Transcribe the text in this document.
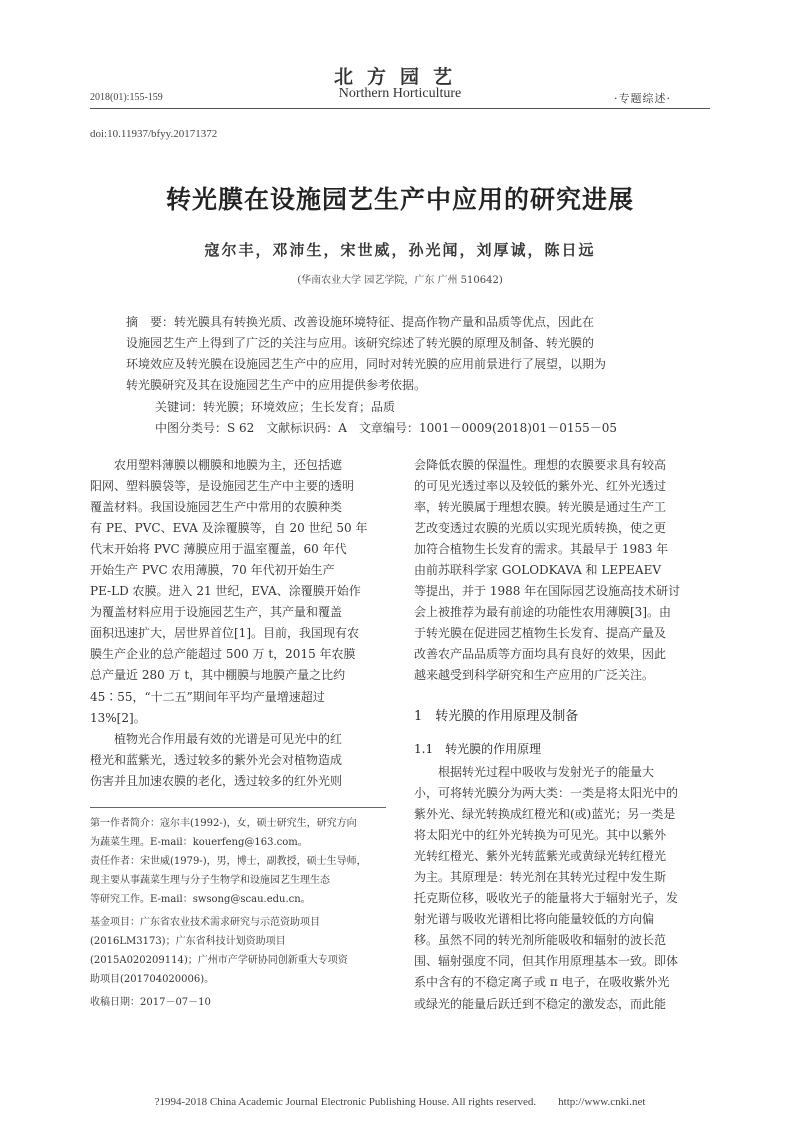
北方园艺
Northern Horticulture
2018(01):155-159	·专题综述·
doi:10.11937/bfyy.20171372
转光膜在设施园艺生产中应用的研究进展
寇尔丰，邓沛生，宋世威，孙光闻，刘厚诚，陈日远
(华南农业大学 园艺学院，广东 广州 510642)
摘　要：转光膜具有转换光质、改善设施环境特征、提高作物产量和品质等优点，因此在
设施园艺生产上得到了广泛的关注与应用。该研究综述了转光膜的原理及制备、转光膜的
环境效应及转光膜在设施园艺生产中的应用，同时对转光膜的应用前景进行了展望，以期为
转光膜研究及其在设施园艺生产中的应用提供参考依据。
关键词：转光膜；环境效应；生长发育；品质
中图分类号：S 62　文献标识码：A　文章编号：1001－0009(2018)01－0155－05
　　农用塑料薄膜以棚膜和地膜为主，还包括遮
阳网、塑料膜袋等，是设施园艺生产中主要的透明
覆盖材料。我国设施园艺生产中常用的农膜种类
有 PE、PVC、EVA 及涂覆膜等，自 20 世纪 50 年
代末开始将 PVC 薄膜应用于温室覆盖，60 年代
开始生产 PVC 农用薄膜，70 年代初开始生产
PE-LD 农膜。进入 21 世纪，EVA、涂覆膜开始作
为覆盖材料应用于设施园艺生产，其产量和覆盖
面积迅速扩大，居世界首位[1]。目前，我国现有农
膜生产企业的总产能超过 500 万 t，2015 年农膜
总产量近 280 万 t，其中棚膜与地膜产量之比约
45∶55，“十二五”期间年平均产量增速超过
13%[2]。
　　植物光合作用最有效的光谱是可见光中的红
橙光和蓝紫光，透过较多的紫外光会对植物造成
伤害并且加速农膜的老化，透过较多的红外光则
会降低农膜的保温性。理想的农膜要求具有较高
的可见光透过率以及较低的紫外光、红外光透过
率，转光膜属于理想农膜。转光膜是通过生产工
艺改变透过农膜的光质以实现光质转换，使之更
加符合植物生长发育的需求。其最早于 1983 年
由前苏联科学家 GOLODKAVA 和 LEPEAEV
等提出，并于 1988 年在国际园艺设施高技术研讨
会上被推荐为最有前途的功能性农用薄膜[3]。由
于转光膜在促进园艺植物生长发育、提高产量及
改善农产品品质等方面均具有良好的效果，因此
越来越受到科学研究和生产应用的广泛关注。
1　转光膜的作用原理及制备
1.1　转光膜的作用原理
　　根据转光过程中吸收与发射光子的能量大
小，可将转光膜分为两大类：一类是将太阳光中的
紫外光、绿光转换成红橙光和(或)蓝光；另一类是
将太阳光中的红外光转换为可见光。其中以紫外
光转红橙光、紫外光转蓝紫光或黄绿光转红橙光
为主。其原理是：转光剂在其转光过程中发生斯
托克斯位移，吸收光子的能量将大于辐射光子，发
射光谱与吸收光谱相比将向能量较低的方向偏
移。虽然不同的转光剂所能吸收和辐射的波长范
围、辐射强度不同，但其作用原理基本一致。即体
系中含有的不稳定离子或 π 电子，在吸收紫外光
或绿光的能量后跃迁到不稳定的激发态，而此能
第一作者简介：寇尔丰(1992-)，女，硕士研究生，研究方向
为蔬菜生理。E-mail：kouerfeng@163.com。
责任作者：宋世威(1979-)，男，博士，副教授，硕士生导师，
现主要从事蔬菜生理与分子生物学和设施园艺生理生态
等研究工作。E-mail：swsong@scau.edu.cn。
基金项目：广东省农业技术需求研究与示范资助项目
(2016LM3173)；广东省科技计划资助项目
(2015A020209114)；广州市产学研协同创新重大专项资
助项目(201704020006)。
收稿日期：2017－07－10
?1994-2018 China Academic Journal Electronic Publishing House. All rights reserved.　　http://www.cnki.net
